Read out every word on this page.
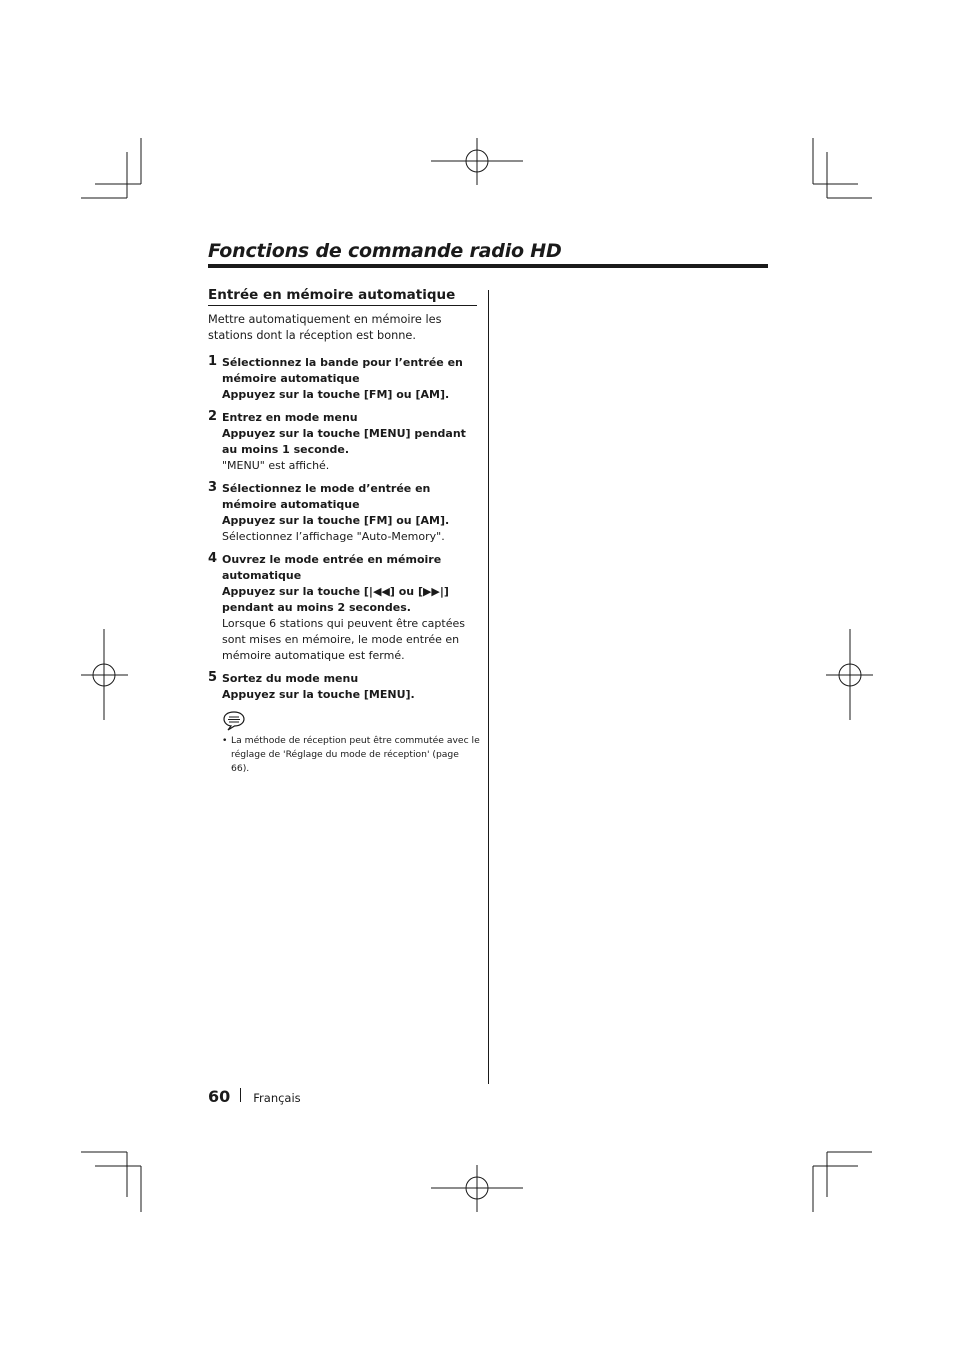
Fonctions de commande radio HD
Entrée en mémoire automatique

Mettre automatiquement en mémoire les stations dont la réception est bonne.

1 Sélectionnez la bande pour l’entrée en mémoire automatique
Appuyez sur la touche [FM] ou [AM].
2 Entrez en mode menu
Appuyez sur la touche [MENU] pendant au moins 1 seconde.
"MENU" est affiché.
3 Sélectionnez le mode d’entrée en mémoire automatique
Appuyez sur la touche [FM] ou [AM].
Sélectionnez l’affichage "Auto-Memory".
4 Ouvrez le mode entrée en mémoire automatique
Appuyez sur la touche [|◀◀] ou [▶▶|] pendant au moins 2 secondes.
Lorsque 6 stations qui peuvent être captées sont mises en mémoire, le mode entrée en mémoire automatique est fermé.
5 Sortez du mode menu
Appuyez sur la touche [MENU].
• La méthode de réception peut être commutée avec le réglage de 'Réglage du mode de réception' (page 66).
60 Français
